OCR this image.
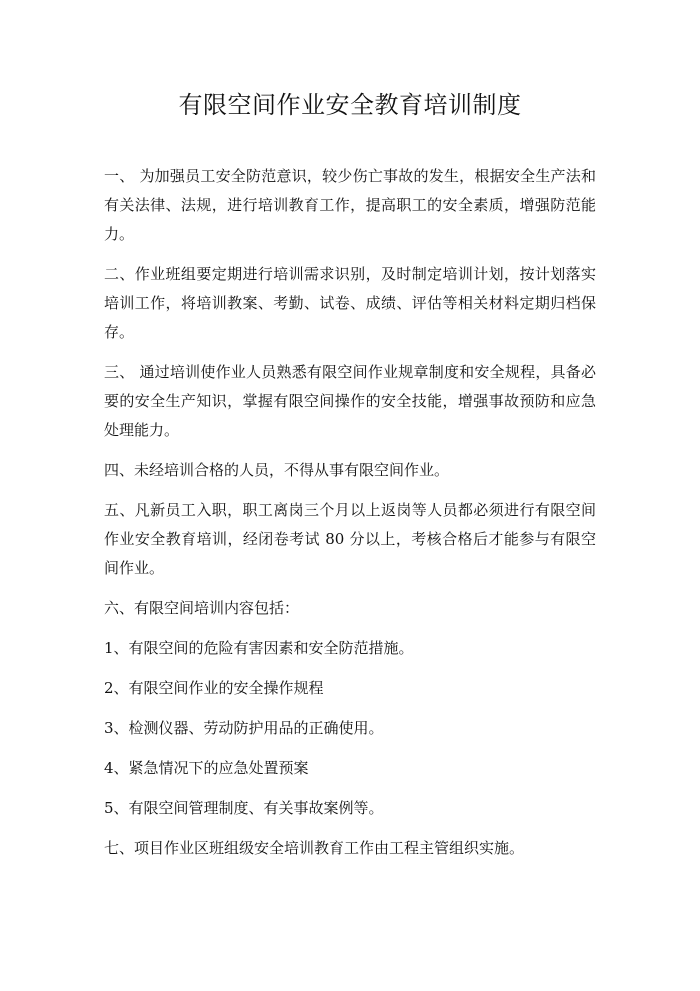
有限空间作业安全教育培训制度

一、 为加强员工安全防范意识，较少伤亡事故的发生，根据安全生产法和有关法律、法规，进行培训教育工作，提高职工的安全素质，增强防范能力。

二、作业班组要定期进行培训需求识别，及时制定培训计划，按计划落实培训工作，将培训教案、考勤、试卷、成绩、评估等相关材料定期归档保存。

三、 通过培训使作业人员熟悉有限空间作业规章制度和安全规程，具备必要的安全生产知识，掌握有限空间操作的安全技能，增强事故预防和应急处理能力。

四、未经培训合格的人员，不得从事有限空间作业。

五、凡新员工入职，职工离岗三个月以上返岗等人员都必须进行有限空间作业安全教育培训，经闭卷考试 80 分以上，考核合格后才能参与有限空间作业。

六、有限空间培训内容包括：

1、有限空间的危险有害因素和安全防范措施。

2、有限空间作业的安全操作规程

3、检测仪器、劳动防护用品的正确使用。

4、紧急情况下的应急处置预案

5、有限空间管理制度、有关事故案例等。

七、项目作业区班组级安全培训教育工作由工程主管组织实施。
